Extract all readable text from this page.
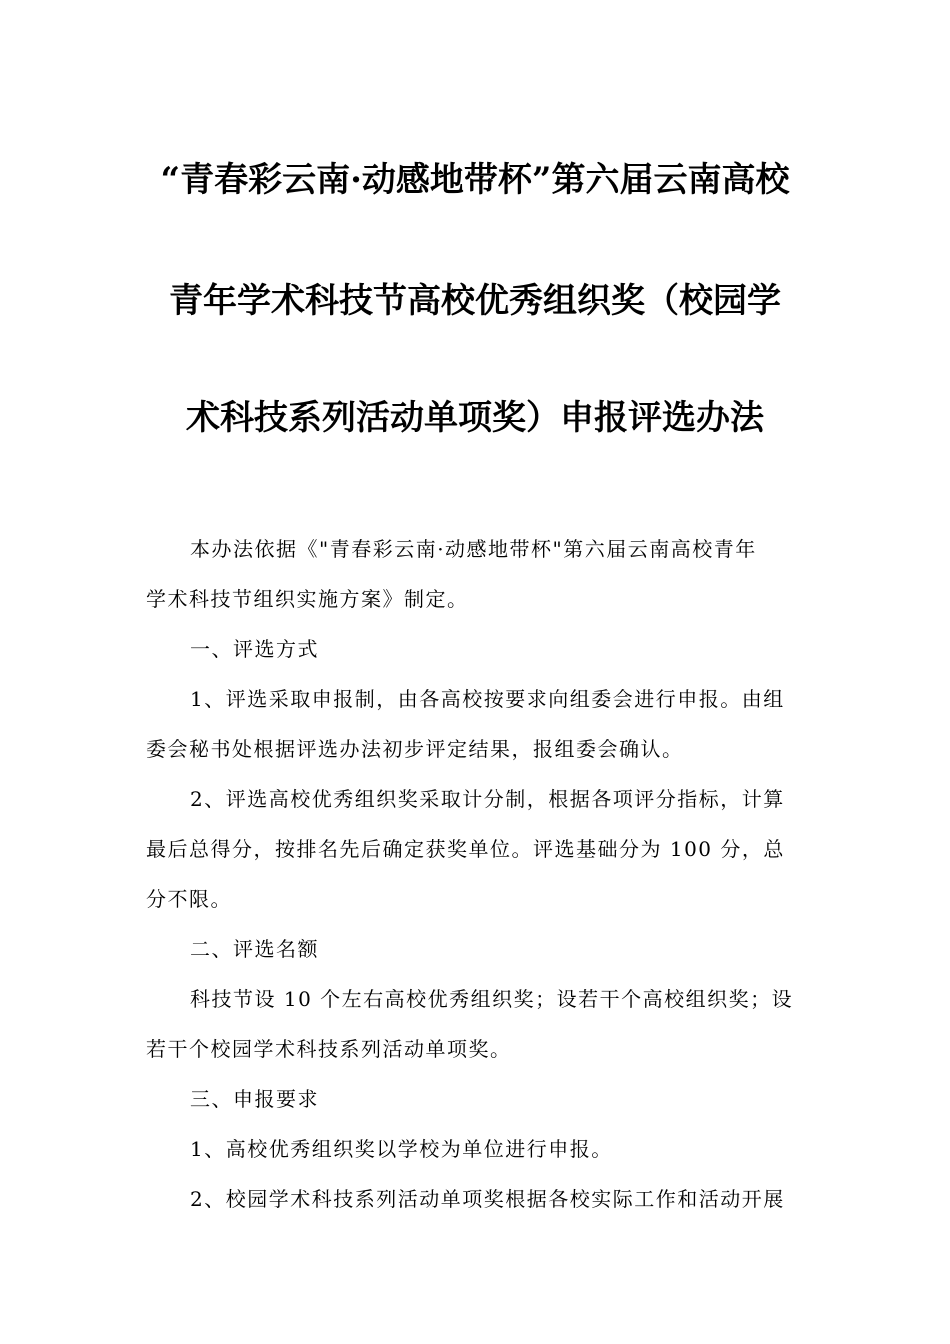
“青春彩云南·动感地带杯”第六届云南高校
青年学术科技节高校优秀组织奖（校园学
术科技系列活动单项奖）申报评选办法

本办法依据《"青春彩云南·动感地带杯"第六届云南高校青年

学术科技节组织实施方案》制定。

一、评选方式

1、评选采取申报制，由各高校按要求向组委会进行申报。由组

委会秘书处根据评选办法初步评定结果，报组委会确认。

2、评选高校优秀组织奖采取计分制，根据各项评分指标，计算

最后总得分，按排名先后确定获奖单位。评选基础分为 100 分，总

分不限。

二、评选名额

科技节设 10 个左右高校优秀组织奖；设若干个高校组织奖；设

若干个校园学术科技系列活动单项奖。

三、申报要求

1、高校优秀组织奖以学校为单位进行申报。

2、校园学术科技系列活动单项奖根据各校实际工作和活动开展
